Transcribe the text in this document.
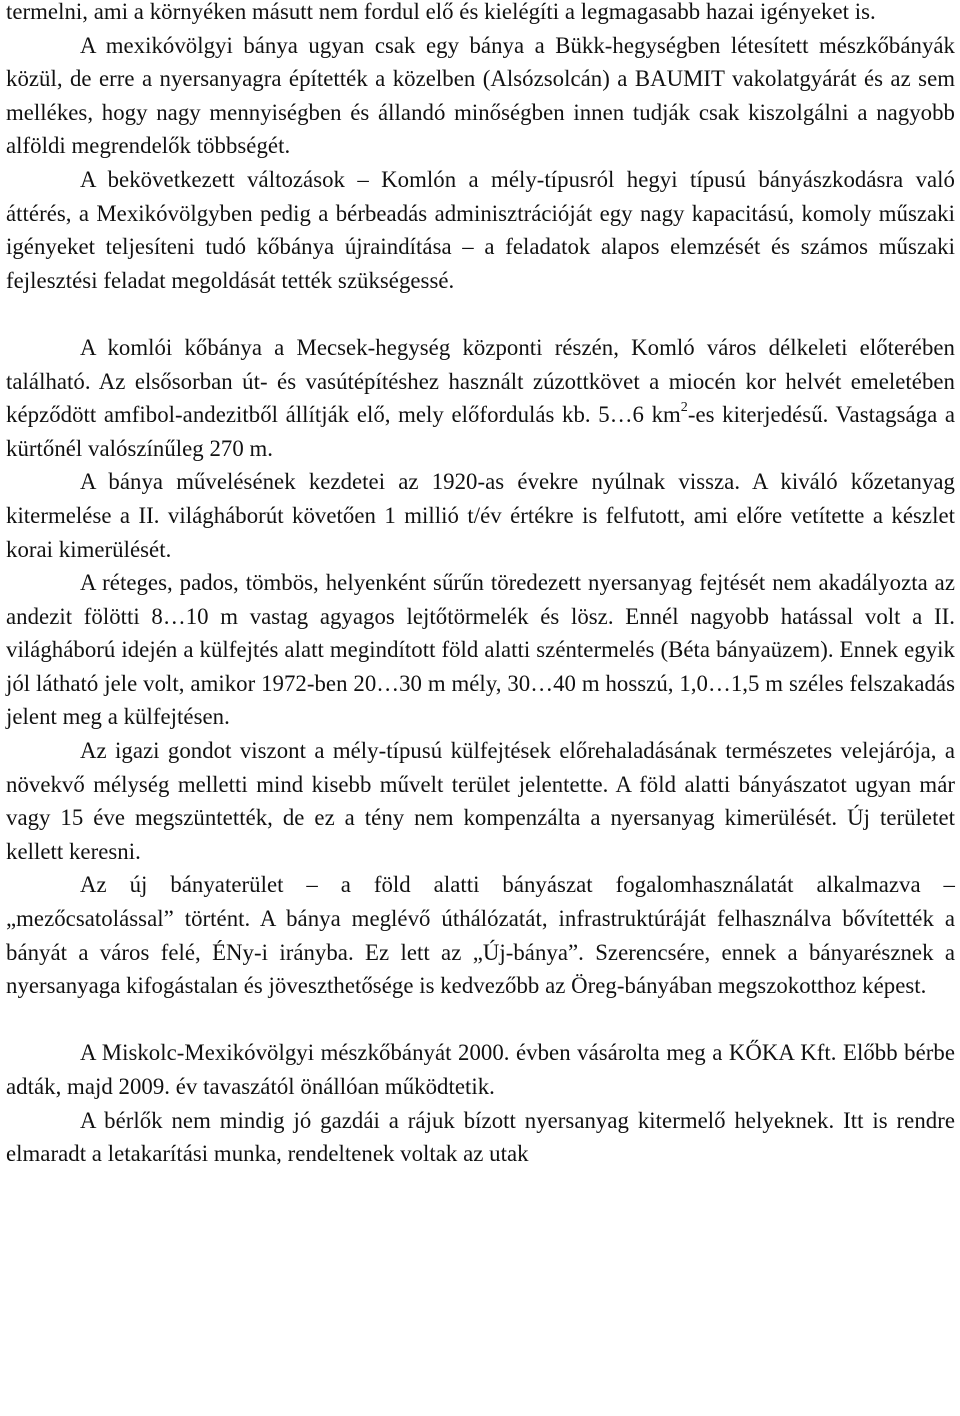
termelni, ami a környéken másutt nem fordul elő és kielégíti a legmagasabb hazai igényeket is.

A mexikóvölgyi bánya ugyan csak egy bánya a Bükk-hegységben létesített mészkőbányák közül, de erre a nyersanyagra építették a közelben (Alsózsolcán) a BAUMIT vakolatgyárát és az sem mellékes, hogy nagy mennyiségben és állandó minőségben innen tudják csak kiszolgálni a nagyobb alföldi megrendelők többségét.

A bekövetkezett változások – Komlón a mély-típusról hegyi típusú bányászkodásra való áttérés, a Mexikóvölgyben pedig a bérbeadás adminisztrációját egy nagy kapacitású, komoly műszaki igényeket teljesíteni tudó kőbánya újraindítása – a feladatok alapos elemzését és számos műszaki fejlesztési feladat megoldását tették szükségessé.

A komlói kőbánya a Mecsek-hegység központi részén, Komló város délkeleti előterében található. Az elsősorban út- és vasútépítéshez használt zúzottkövet a miocén kor helvét emeletében képződött amfibol-andezitből állítják elő, mely előfordulás kb. 5…6 $km^2-es$ kiterjedésű. Vastagsága a kürtőnél valószínűleg 270 m.

A bánya művelésének kezdetei az 1920-as évekre nyúlnak vissza. A kiváló kőzetanyag kitermelése a II. világháborút követően 1 millió t/év értékre is felfutott, ami előre vetítette a készlet korai kimerülését.

A réteges, pados, tömbös, helyenként sűrűn töredezett nyersanyag fejtését nem akadályozta az andezit fölötti 8…10 m vastag agyagos lejtőtörmelék és lösz. Ennél nagyobb hatással volt a II. világháború idején a külfejtés alatt megindított föld alatti széntermelés (Béta bányaüzem). Ennek egyik jól látható jele volt, amikor 1972-ben 20…30 m mély, 30…40 m hosszú, 1,0…1,5 m széles felszakadás jelent meg a külfejtésen.

Az igazi gondot viszont a mély-típusú külfejtések előrehaladásának természetes velejárója, a növekvő mélység melletti mind kisebb művelt terület jelentette. A föld alatti bányászatot ugyan már vagy 15 éve megszüntették, de ez a tény nem kompenzálta a nyersanyag kimerülését. Új területet kellett keresni.

Az új bányaterület – a föld alatti bányászat fogalomhasználatát alkalmazva – „mezőcsatolással” történt. A bánya meglévő úthálózatát, infrastruktúráját felhasználva bővítették a bányát a város felé, ÉNy-i irányba. Ez lett az „Új-bánya”. Szerencsére, ennek a bányarésznek a nyersanyaga kifogástalan és jöveszthetősége is kedvezőbb az Öreg-bányában megszokotthoz képest.

A Miskolc-Mexikóvölgyi mészkőbányát 2000. évben vásárolta meg a KŐKA Kft. Előbb bérbe adták, majd 2009. év tavaszától önállóan működtetik.

A bérlők nem mindig jó gazdái a rájuk bízott nyersanyag kitermelő helyeknek. Itt is rendre elmaradt a letakarítási munka, rendeltenek voltak az utak
